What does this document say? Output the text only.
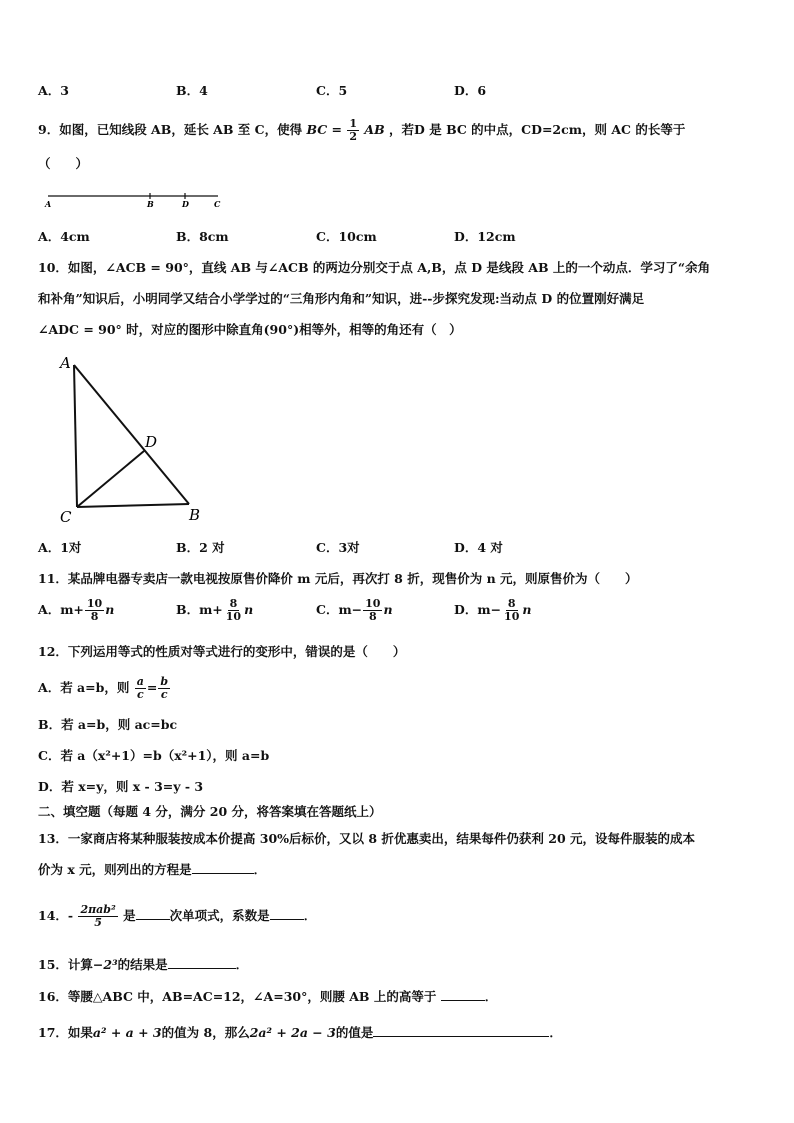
A．3	B．4	C．5	D．6
9．如图，已知线段 AB，延长 AB 至 C，使得 BC = $\frac{1}{2}$ AB ，若D 是 BC 的中点，CD=2cm，则 AC 的长等于
（　　）
A	B	D	C
A．4cm	B．8cm	C．10cm	D．12cm
10．如图，∠ACB = 90°，直线 AB 与∠ACB 的两边分别交于点 A,B，点 D 是线段 AB 上的一个动点．学习了“余角
和补角”知识后，小明同学又结合小学学过的“三角形内角和”知识，进--步探究发现:当动点 D 的位置刚好满足
∠ADC = 90° 时，对应的图形中除直角(90°)相等外，相等的角还有（　）
A
D
C	B
A．1对	B．2 对	C．3对	D．4 对
11．某品牌电器专卖店一款电视按原售价降价 m 元后，再次打 8 折，现售价为 n 元，则原售价为（　　）
A．$m+ \frac{10}{8}$ n	B．$m+ \frac{8}{10}$ n	C．$m- \frac{10}{8}$ n	D．$m- \frac{8}{10}$ n
12．下列运用等式的性质对等式进行的变形中，错误的是（　　）
A．若 a=b，则 $\frac{a}{c} = \frac{b}{c}$
B．若 a=b，则 ac=bc
C．若 a（x²+1）=b（x²+1），则 a=b
D．若 x=y，则 x - 3=y - 3
二、填空题（每题 4 分，满分 20 分，将答案填在答题纸上）
13．一家商店将某种服装按成本价提高 30%后标价，又以 8 折优惠卖出，结果每件仍获利 20 元，设每件服装的成本
价为 x 元，则列出的方程是	．
14．- $\frac{\text{2πab²}}{5}$ 是	次单项式，系数是	．
15．计算−2³的结果是	．
16．等腰△ABC 中，AB=AC=12，∠A=30°，则腰 AB 上的高等于	．
17．如果a² + a + 3的值为 8，那么2a² + 2a − 3的值是	．
